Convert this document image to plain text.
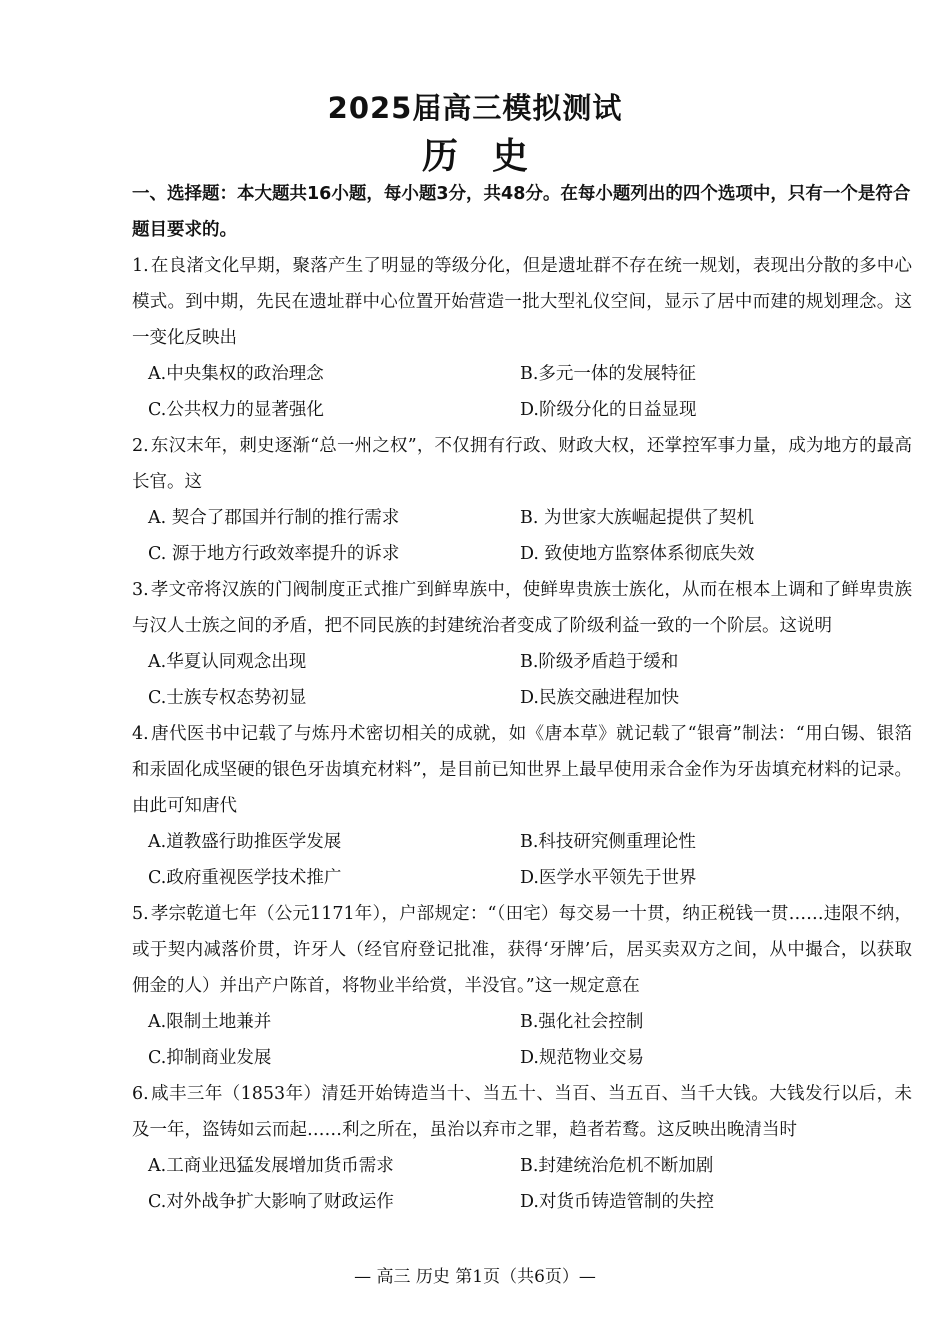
2025届高三模拟测试
历史
一、选择题：本大题共16小题，每小题3分，共48分。在每小题列出的四个选项中，只有一个是符合题目要求的。
1. 在良渚文化早期，聚落产生了明显的等级分化，但是遗址群不存在统一规划，表现出分散的多中心模式。到中期，先民在遗址群中心位置开始营造一批大型礼仪空间，显示了居中而建的规划理念。这一变化反映出
A.中央集权的政治理念	B.多元一体的发展特征
C.公共权力的显著强化	D.阶级分化的日益显现
2. 东汉末年，刺史逐渐“总一州之权”，不仅拥有行政、财政大权，还掌控军事力量，成为地方的最高长官。这
A. 契合了郡国并行制的推行需求	B. 为世家大族崛起提供了契机
C. 源于地方行政效率提升的诉求	D. 致使地方监察体系彻底失效
3. 孝文帝将汉族的门阀制度正式推广到鲜卑族中，使鲜卑贵族士族化，从而在根本上调和了鲜卑贵族与汉人士族之间的矛盾，把不同民族的封建统治者变成了阶级利益一致的一个阶层。这说明
A.华夏认同观念出现	B.阶级矛盾趋于缓和
C.士族专权态势初显	D.民族交融进程加快
4. 唐代医书中记载了与炼丹术密切相关的成就，如《唐本草》就记载了“银膏”制法：“用白锡、银箔和汞固化成坚硬的银色牙齿填充材料”，是目前已知世界上最早使用汞合金作为牙齿填充材料的记录。由此可知唐代
A.道教盛行助推医学发展	B.科技研究侧重理论性
C.政府重视医学技术推广	D.医学水平领先于世界
5. 孝宗乾道七年（公元1171年），户部规定：“（田宅）每交易一十贯，纳正税钱一贯……违限不纳，或于契内减落价贯，许牙人（经官府登记批准，获得‘牙牌’后，居买卖双方之间，从中撮合，以获取佣金的人）并出产户陈首，将物业半给赏，半没官。”这一规定意在
A.限制土地兼并	B.强化社会控制
C.抑制商业发展	D.规范物业交易
6. 咸丰三年（1853年）清廷开始铸造当十、当五十、当百、当五百、当千大钱。大钱发行以后，未及一年，盗铸如云而起……利之所在，虽治以弃市之罪，趋者若鹜。这反映出晚清当时
A.工商业迅猛发展增加货币需求	B.封建统治危机不断加剧
C.对外战争扩大影响了财政运作	D.对货币铸造管制的失控
— 高三 历史 第1页（共6页）—
